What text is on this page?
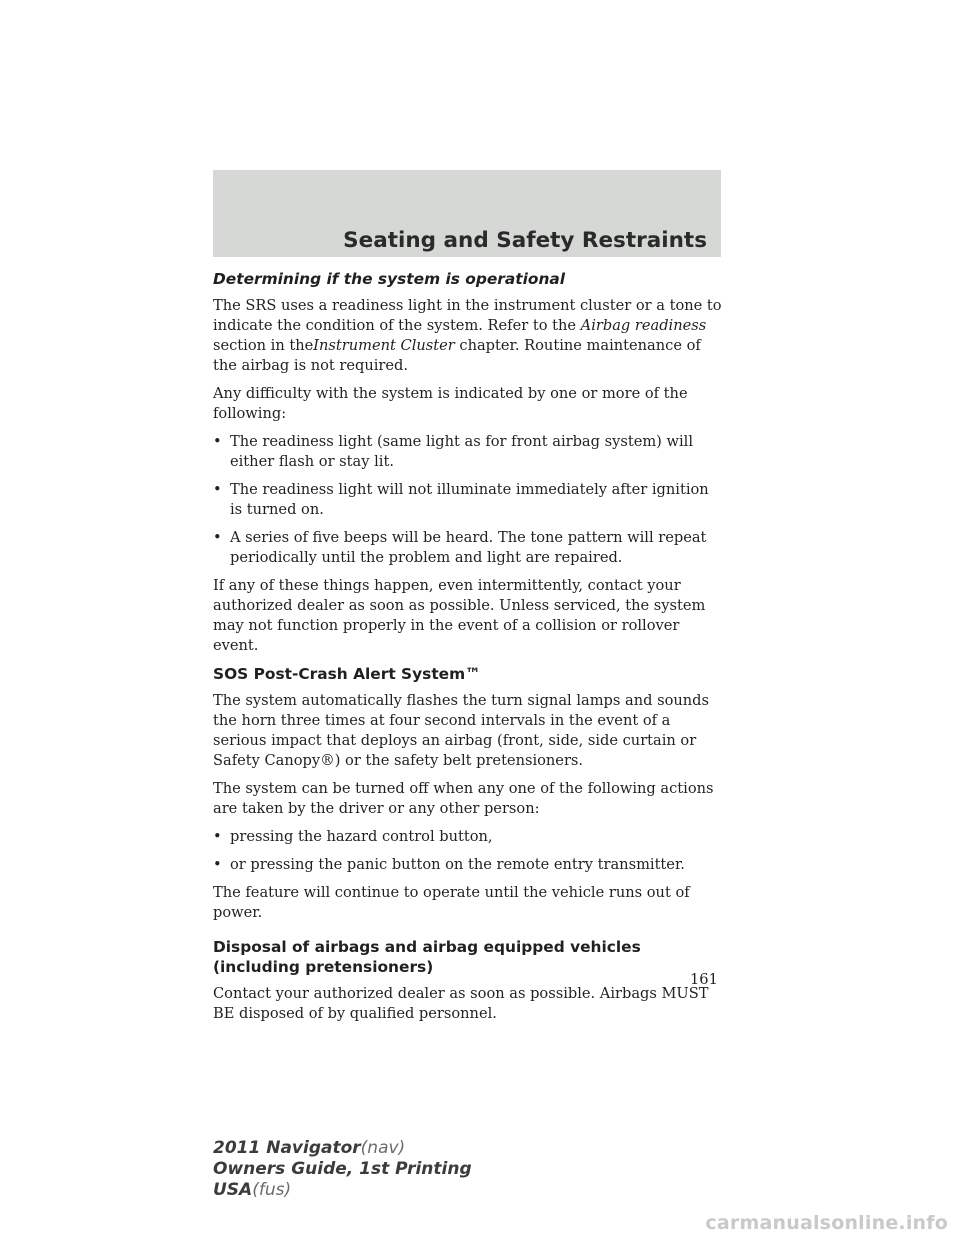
Seating and Safety Restraints
Determining if the system is operational

The SRS uses a readiness light in the instrument cluster or a tone to indicate the condition of the system. Refer to the Airbag readiness section in theInstrument Cluster chapter. Routine maintenance of the airbag is not required.

Any difficulty with the system is indicated by one or more of the following:

• The readiness light (same light as for front airbag system) will either flash or stay lit.
• The readiness light will not illuminate immediately after ignition is turned on.
• A series of five beeps will be heard. The tone pattern will repeat periodically until the problem and light are repaired.

If any of these things happen, even intermittently, contact your authorized dealer as soon as possible. Unless serviced, the system may not function properly in the event of a collision or rollover event.

SOS Post-Crash Alert System™

The system automatically flashes the turn signal lamps and sounds the horn three times at four second intervals in the event of a serious impact that deploys an airbag (front, side, side curtain or Safety Canopy®) or the safety belt pretensioners.

The system can be turned off when any one of the following actions are taken by the driver or any other person:

• pressing the hazard control button,
• or pressing the panic button on the remote entry transmitter.

The feature will continue to operate until the vehicle runs out of power.

Disposal of airbags and airbag equipped vehicles (including pretensioners)

Contact your authorized dealer as soon as possible. Airbags MUST BE disposed of by qualified personnel.

161
2011 Navigator(nav)
Owners Guide, 1st Printing
USA(fus)
carmanualsonline.info
